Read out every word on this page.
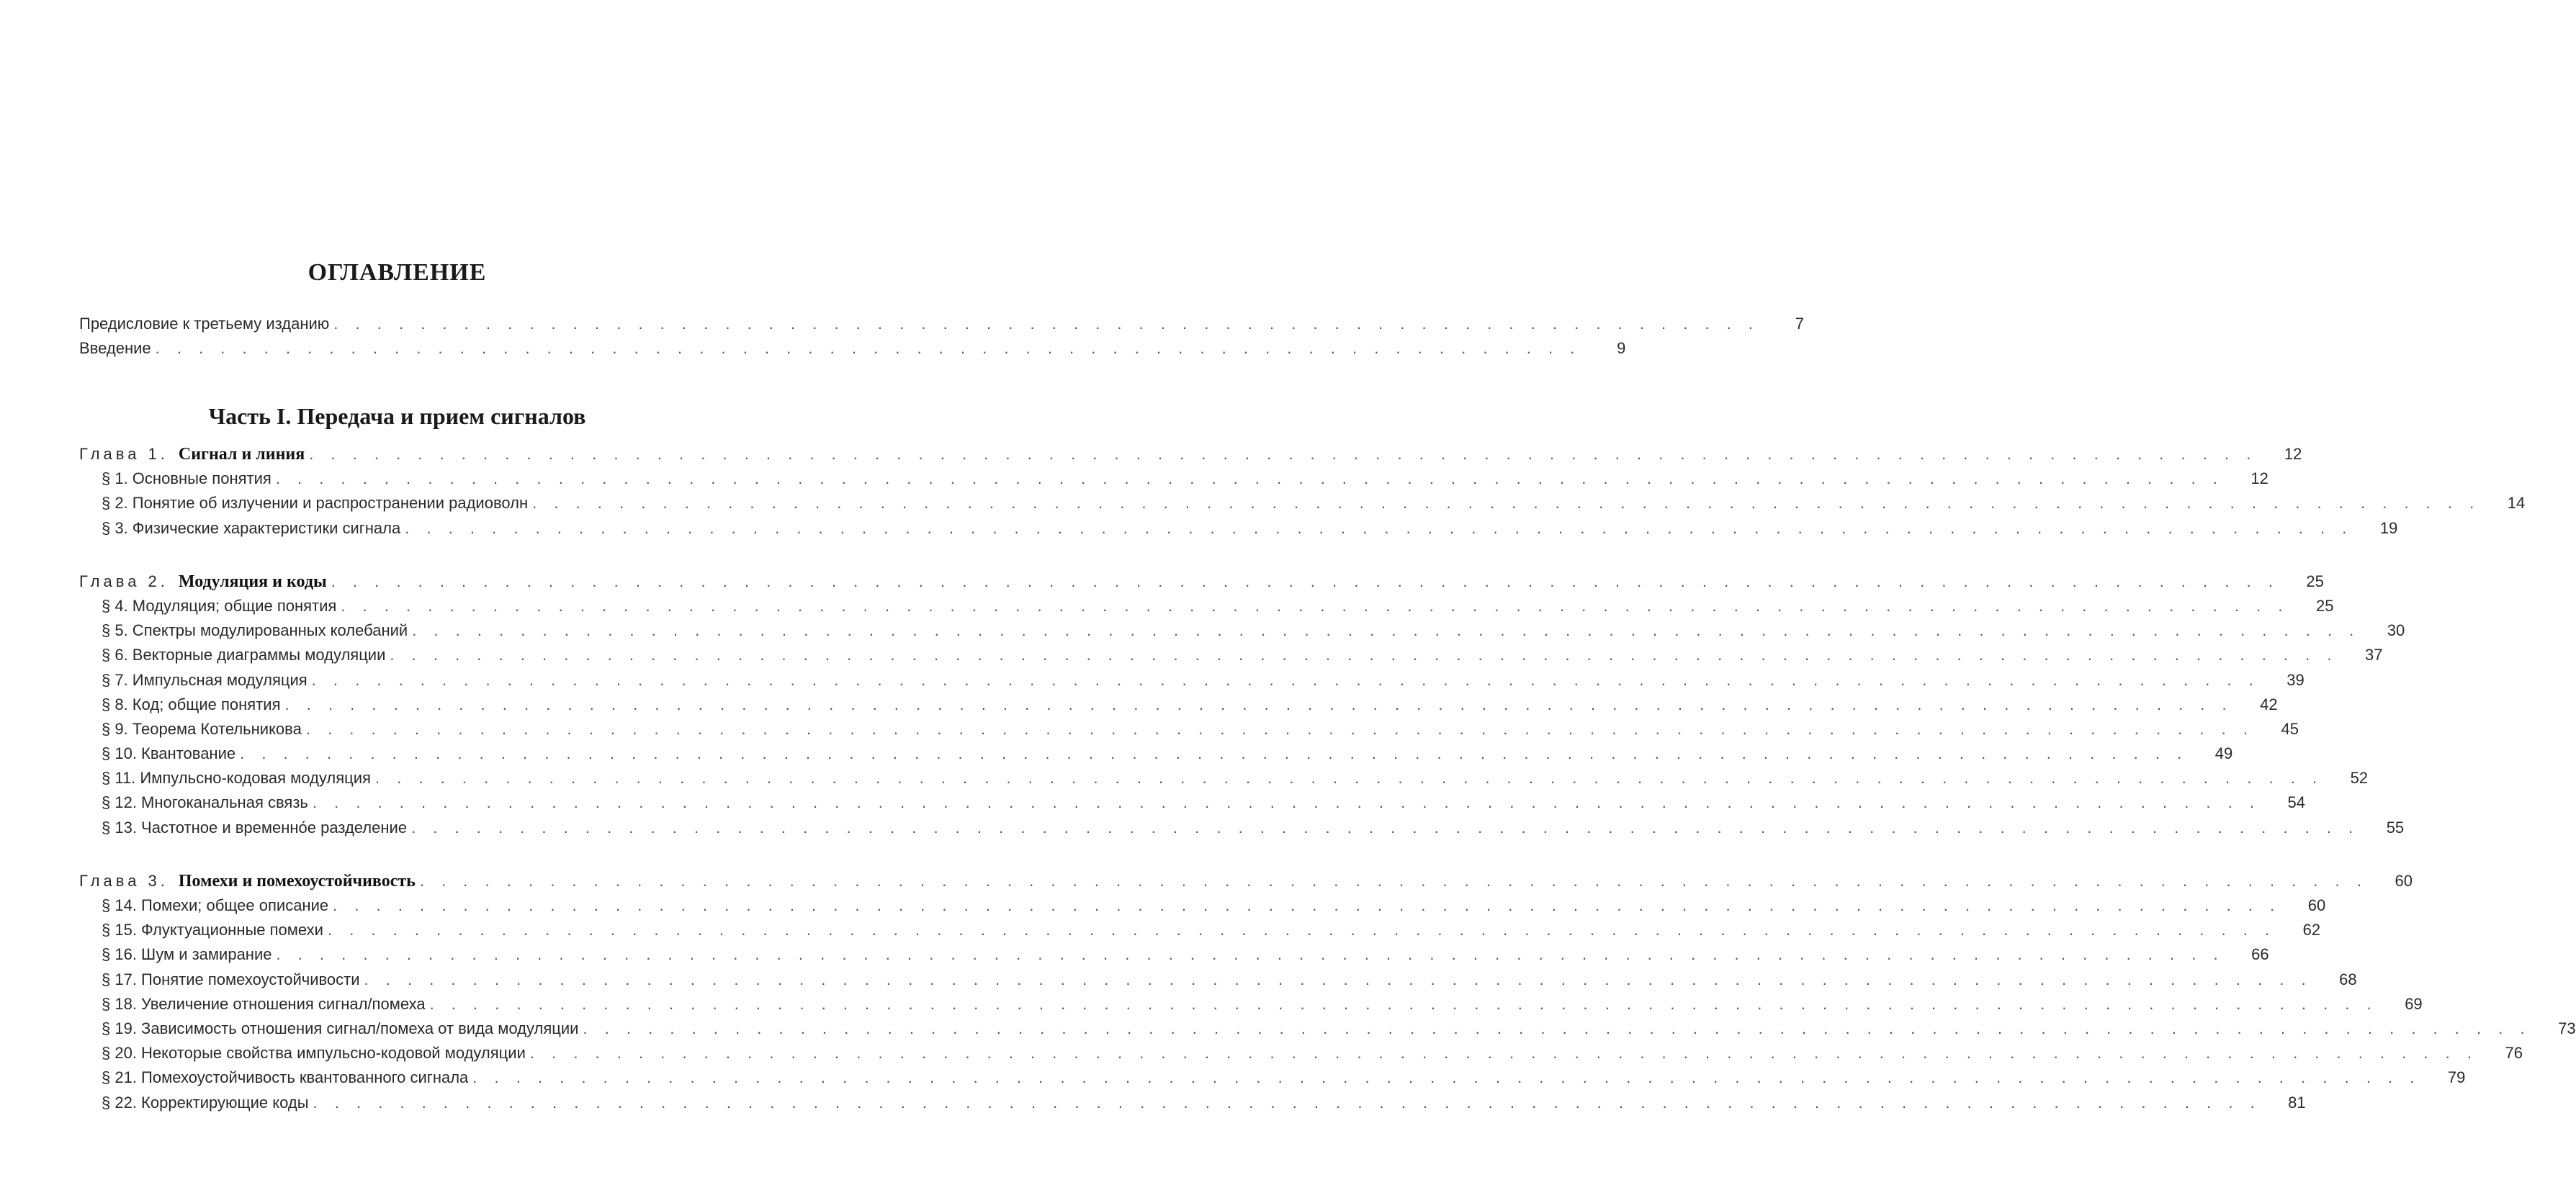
ОГЛАВЛЕНИЕ
Предисловие к третьему изданию . . . . . . . . . . . . . . . . . . . . . . . . . . . . . . . . . . . . . . . . . . . . . . . . . . . . . . . . . . . . . . . . . .	7
Введение . . . . . . . . . . . . . . . . . . . . . . . . . . . . . . . . . . . . . . . . . . . . . . . . . . . . . . . . . . . . . . . . . .	9
Часть I. Передача и прием сигналов
Глава 1. Сигнал и линия . . . . . . . . . . . . . . . . . . . . . . . . . . . . . . . . . . . . . . . . . . . . . . . . . . . . . . . . . . . . . . . . . . . . . . . . . . . . . . . . . . . . . . . . . .	12
§ 1. Основные понятия . . . . . . . . . . . . . . . . . . . . . . . . . . . . . . . . . . . . . . . . . . . . . . . . . . . . . . . . . . . . . . . . . . . . . . . . . . . . . . . . . . . . . . . . . .	12
§ 2. Понятие об излучении и распространении радиоволн . . . . . . . . . . . . . . . . . . . . . . . . . . . . . . . . . . . . . . . . . . . . . . . . . . . . . . . . . . . . . . . . . . . . . . . . . . . . . . . . . . . . . . . . . .	14
§ 3. Физические характеристики сигнала . . . . . . . . . . . . . . . . . . . . . . . . . . . . . . . . . . . . . . . . . . . . . . . . . . . . . . . . . . . . . . . . . . . . . . . . . . . . . . . . . . . . . . . . . .	19
Глава 2. Модуляция и коды . . . . . . . . . . . . . . . . . . . . . . . . . . . . . . . . . . . . . . . . . . . . . . . . . . . . . . . . . . . . . . . . . . . . . . . . . . . . . . . . . . . . . . . . . .	25
§ 4. Модуляция; общие понятия . . . . . . . . . . . . . . . . . . . . . . . . . . . . . . . . . . . . . . . . . . . . . . . . . . . . . . . . . . . . . . . . . . . . . . . . . . . . . . . . . . . . . . . . . .	25
§ 5. Спектры модулированных колебаний . . . . . . . . . . . . . . . . . . . . . . . . . . . . . . . . . . . . . . . . . . . . . . . . . . . . . . . . . . . . . . . . . . . . . . . . . . . . . . . . . . . . . . . . . .	30
§ 6. Векторные диаграммы модуляции . . . . . . . . . . . . . . . . . . . . . . . . . . . . . . . . . . . . . . . . . . . . . . . . . . . . . . . . . . . . . . . . . . . . . . . . . . . . . . . . . . . . . . . . . .	37
§ 7. Импульсная модуляция . . . . . . . . . . . . . . . . . . . . . . . . . . . . . . . . . . . . . . . . . . . . . . . . . . . . . . . . . . . . . . . . . . . . . . . . . . . . . . . . . . . . . . . . . .	39
§ 8. Код; общие понятия . . . . . . . . . . . . . . . . . . . . . . . . . . . . . . . . . . . . . . . . . . . . . . . . . . . . . . . . . . . . . . . . . . . . . . . . . . . . . . . . . . . . . . . . . .	42
§ 9. Теорема Котельникова . . . . . . . . . . . . . . . . . . . . . . . . . . . . . . . . . . . . . . . . . . . . . . . . . . . . . . . . . . . . . . . . . . . . . . . . . . . . . . . . . . . . . . . . . .	45
§ 10. Квантование . . . . . . . . . . . . . . . . . . . . . . . . . . . . . . . . . . . . . . . . . . . . . . . . . . . . . . . . . . . . . . . . . . . . . . . . . . . . . . . . . . . . . . . . . .	49
§ 11. Импульсно-кодовая модуляция . . . . . . . . . . . . . . . . . . . . . . . . . . . . . . . . . . . . . . . . . . . . . . . . . . . . . . . . . . . . . . . . . . . . . . . . . . . . . . . . . . . . . . . . . .	52
§ 12. Многоканальная связь . . . . . . . . . . . . . . . . . . . . . . . . . . . . . . . . . . . . . . . . . . . . . . . . . . . . . . . . . . . . . . . . . . . . . . . . . . . . . . . . . . . . . . . . . .	54
§ 13. Частотное и временно́е разделение . . . . . . . . . . . . . . . . . . . . . . . . . . . . . . . . . . . . . . . . . . . . . . . . . . . . . . . . . . . . . . . . . . . . . . . . . . . . . . . . . . . . . . . . . .	55
Глава 3. Помехи и помехоустойчивость . . . . . . . . . . . . . . . . . . . . . . . . . . . . . . . . . . . . . . . . . . . . . . . . . . . . . . . . . . . . . . . . . . . . . . . . . . . . . . . . . . . . . . . . . .	60
§ 14. Помехи; общее описание . . . . . . . . . . . . . . . . . . . . . . . . . . . . . . . . . . . . . . . . . . . . . . . . . . . . . . . . . . . . . . . . . . . . . . . . . . . . . . . . . . . . . . . . . .	60
§ 15. Флуктуационные помехи . . . . . . . . . . . . . . . . . . . . . . . . . . . . . . . . . . . . . . . . . . . . . . . . . . . . . . . . . . . . . . . . . . . . . . . . . . . . . . . . . . . . . . . . . .	62
§ 16. Шум и замирание . . . . . . . . . . . . . . . . . . . . . . . . . . . . . . . . . . . . . . . . . . . . . . . . . . . . . . . . . . . . . . . . . . . . . . . . . . . . . . . . . . . . . . . . . .	66
§ 17. Понятие помехоустойчивости . . . . . . . . . . . . . . . . . . . . . . . . . . . . . . . . . . . . . . . . . . . . . . . . . . . . . . . . . . . . . . . . . . . . . . . . . . . . . . . . . . . . . . . . . .	68
§ 18. Увеличение отношения сигнал/помеха . . . . . . . . . . . . . . . . . . . . . . . . . . . . . . . . . . . . . . . . . . . . . . . . . . . . . . . . . . . . . . . . . . . . . . . . . . . . . . . . . . . . . . . . . .	69
§ 19. Зависимость отношения сигнал/помеха от вида модуляции . . . . . . . . . . . . . . . . . . . . . . . . . . . . . . . . . . . . . . . . . . . . . . . . . . . . . . . . . . . . . . . . . . . . . . . . . . . . . . . . . . . . . . . . . .	73
§ 20. Некоторые свойства импульсно-кодовой модуляции . . . . . . . . . . . . . . . . . . . . . . . . . . . . . . . . . . . . . . . . . . . . . . . . . . . . . . . . . . . . . . . . . . . . . . . . . . . . . . . . . . . . . . . . . .	76
§ 21. Помехоустойчивость квантованного сигнала . . . . . . . . . . . . . . . . . . . . . . . . . . . . . . . . . . . . . . . . . . . . . . . . . . . . . . . . . . . . . . . . . . . . . . . . . . . . . . . . . . . . . . . . . .	79
§ 22. Корректирующие коды . . . . . . . . . . . . . . . . . . . . . . . . . . . . . . . . . . . . . . . . . . . . . . . . . . . . . . . . . . . . . . . . . . . . . . . . . . . . . . . . . . . . . . . . . .	81
